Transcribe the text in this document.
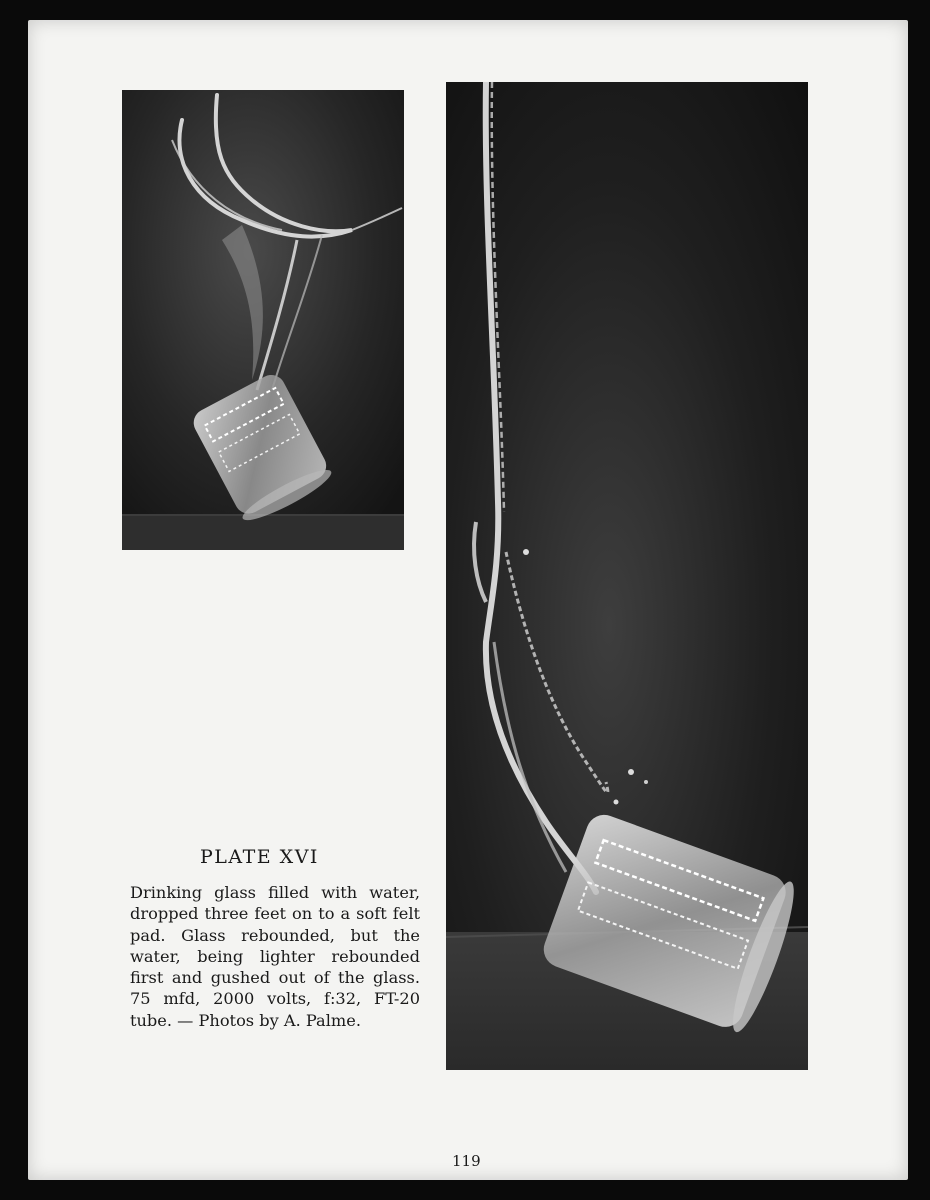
PLATE XVI

Drinking glass filled with water, dropped three feet on to a soft felt pad. Glass rebounded, but the water, being lighter rebounded first and gushed out of the glass. 75 mfd, 2000 volts, f:32, FT-20 tube. — Photos by A. Palme.

119
